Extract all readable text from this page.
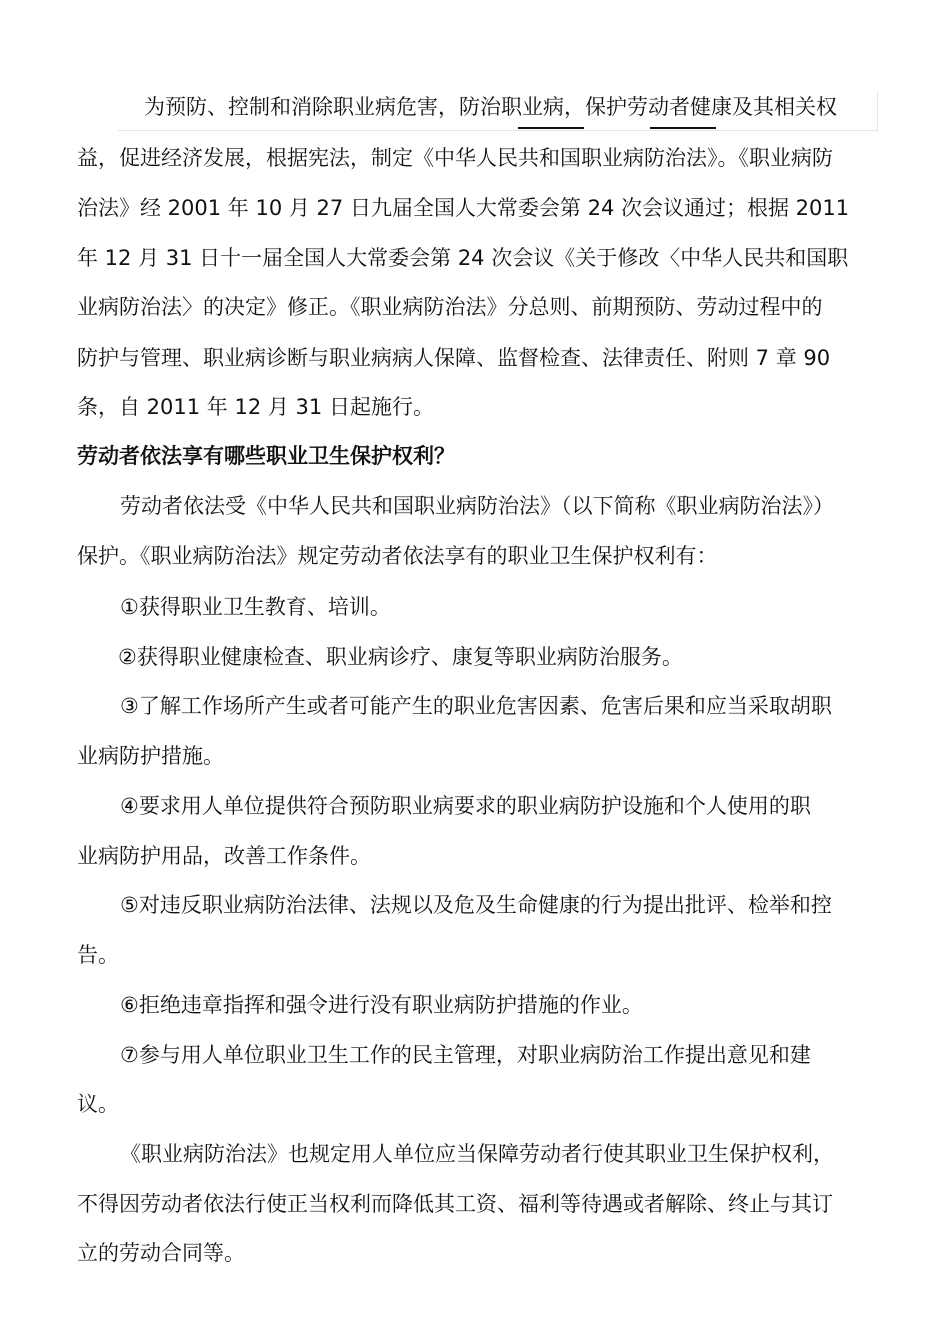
为预防、控制和消除职业病危害，防治职业病，保护劳动者健康及其相关权
益，促进经济发展，根据宪法，制定《中华人民共和国职业病防治法》。《职业病防
治法》经 2001 年 10 月 27 日九届全国人大常委会第 24 次会议通过；根据 2011
年 12 月 31 日十一届全国人大常委会第 24 次会议《关于修改〈中华人民共和国职
业病防治法〉的决定》修正。《职业病防治法》分总则、前期预防、劳动过程中的
防护与管理、职业病诊断与职业病病人保障、监督检查、法律责任、附则 7 章 90
条，自 2011 年 12 月 31 日起施行。
劳动者依法享有哪些职业卫生保护权利？
劳动者依法受《中华人民共和国职业病防治法》（以下简称《职业病防治法》）
保护。《职业病防治法》规定劳动者依法享有的职业卫生保护权利有：
①获得职业卫生教育、培训。
②获得职业健康检查、职业病诊疗、康复等职业病防治服务。
③了解工作场所产生或者可能产生的职业危害因素、危害后果和应当采取胡职
业病防护措施。
④要求用人单位提供符合预防职业病要求的职业病防护设施和个人使用的职
业病防护用品，改善工作条件。
⑤对违反职业病防治法律、法规以及危及生命健康的行为提出批评、检举和控
告。
⑥拒绝违章指挥和强令进行没有职业病防护措施的作业。
⑦参与用人单位职业卫生工作的民主管理，对职业病防治工作提出意见和建
议。
《职业病防治法》也规定用人单位应当保障劳动者行使其职业卫生保护权利，
不得因劳动者依法行使正当权利而降低其工资、福利等待遇或者解除、终止与其订
立的劳动合同等。
